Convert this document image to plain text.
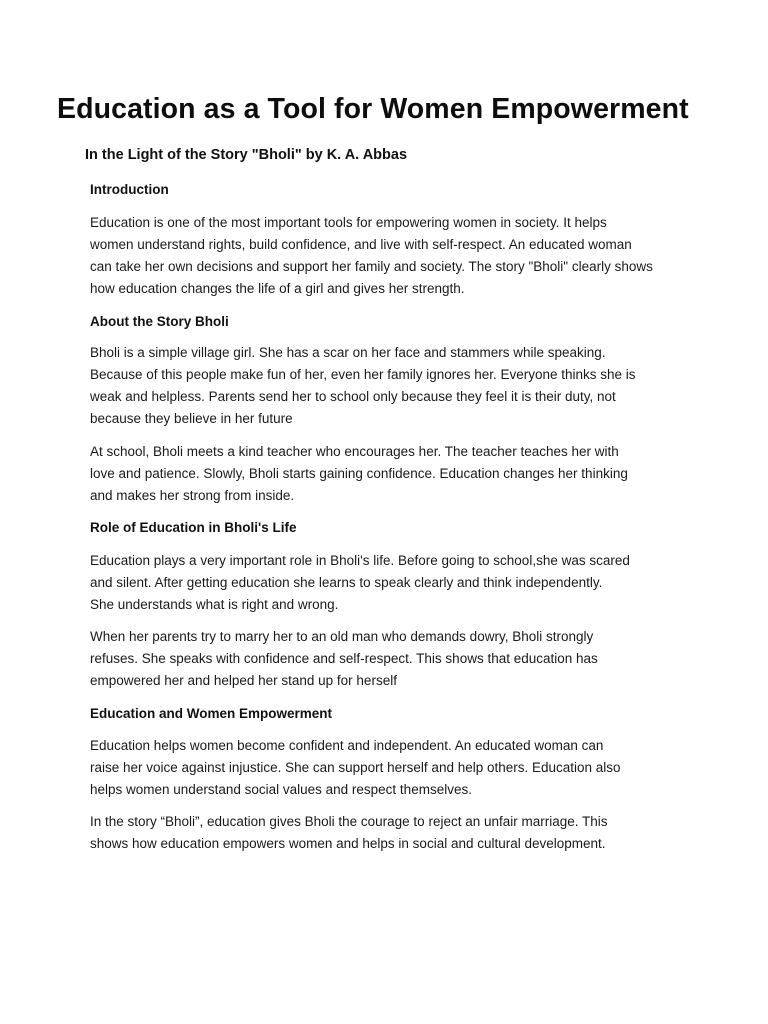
Education as a Tool for Women Empowerment
In the Light of the Story "Bholi" by K. A. Abbas
Introduction

Education is one of the most important tools for empowering women in society. It helps
women understand rights, build confidence, and live with self-respect. An educated woman
can take her own decisions and support her family and society. The story "Bholi" clearly shows
how education changes the life of a girl and gives her strength.

About the Story Bholi

Bholi is a simple village girl. She has a scar on her face and stammers while speaking.
Because of this people make fun of her, even her family ignores her. Everyone thinks she is
weak and helpless. Parents send her to school only because they feel it is their duty, not
because they believe in her future

At school, Bholi meets a kind teacher who encourages her. The teacher teaches her with
love and patience. Slowly, Bholi starts gaining confidence. Education changes her thinking
and makes her strong from inside.

Role of Education in Bholi's Life

Education plays a very important role in Bholi's life. Before going to school,she was scared
and silent. After getting education she learns to speak clearly and think independently.
She understands what is right and wrong.

When her parents try to marry her to an old man who demands dowry, Bholi strongly
refuses. She speaks with confidence and self-respect. This shows that education has
empowered her and helped her stand up for herself

Education and Women Empowerment

Education helps women become confident and independent. An educated woman can
raise her voice against injustice. She can support herself and help others. Education also
helps women understand social values and respect themselves.

In the story “Bholi”, education gives Bholi the courage to reject an unfair marriage. This
shows how education empowers women and helps in social and cultural development.
